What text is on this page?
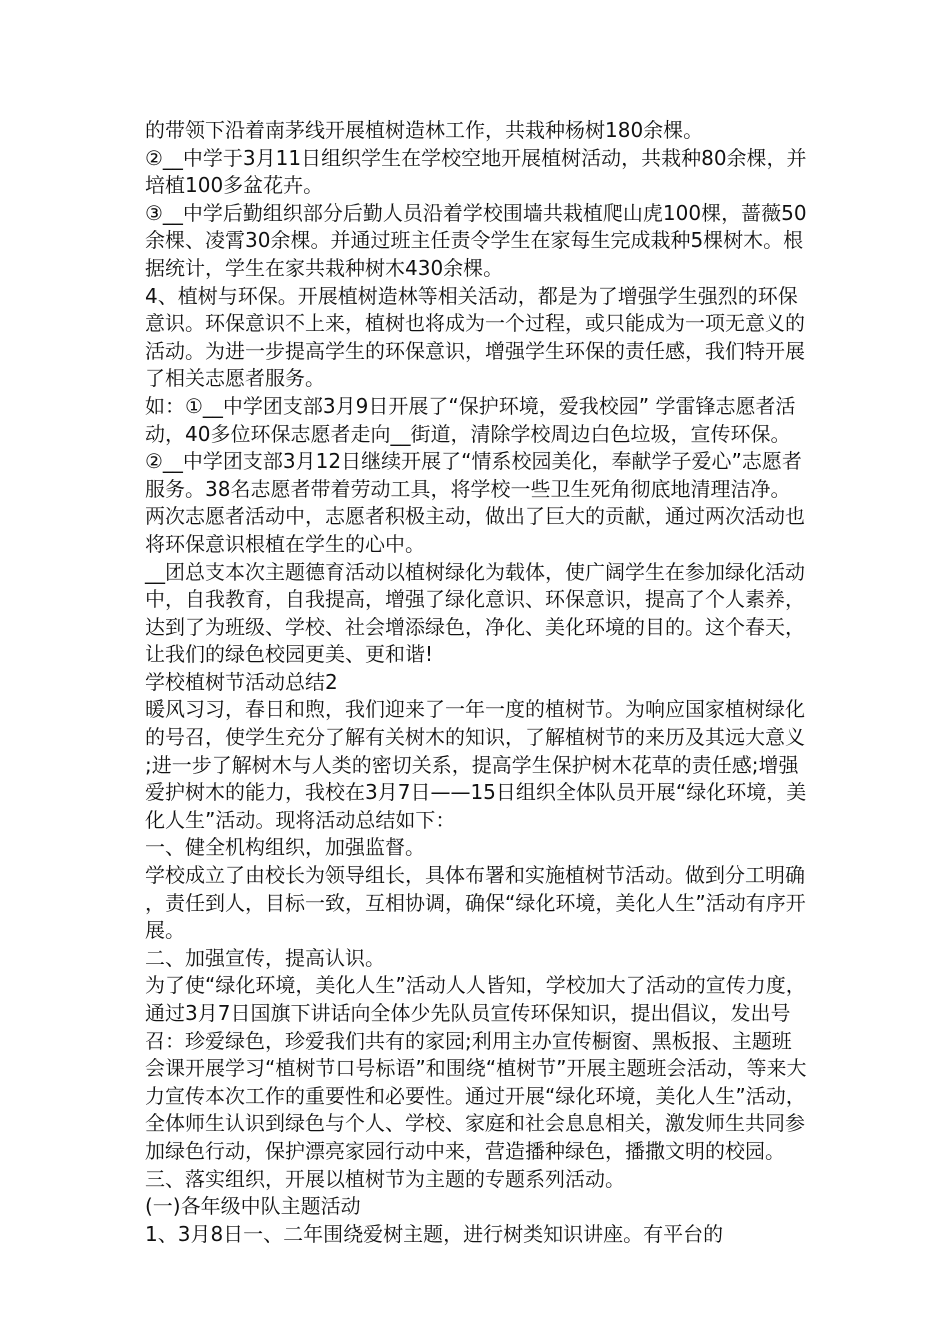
的带领下沿着南茅线开展植树造林工作，共栽种杨树180余棵。

②__中学于3月11日组织学生在学校空地开展植树活动，共栽种80余棵，并培植100多盆花卉。

③__中学后勤组织部分后勤人员沿着学校围墙共栽植爬山虎100棵，蔷薇50余棵、凌霄30余棵。并通过班主任责令学生在家每生完成栽种5棵树木。根据统计，学生在家共栽种树木430余棵。

4、植树与环保。开展植树造林等相关活动，都是为了增强学生强烈的环保意识。环保意识不上来，植树也将成为一个过程，或只能成为一项无意义的活动。为进一步提高学生的环保意识，增强学生环保的责任感，我们特开展了相关志愿者服务。

如：①__中学团支部3月9日开展了“保护环境，爱我校园” 学雷锋志愿者活动，40多位环保志愿者走向__街道，清除学校周边白色垃圾，宣传环保。

②__中学团支部3月12日继续开展了“情系校园美化，奉献学子爱心”志愿者服务。38名志愿者带着劳动工具，将学校一些卫生死角彻底地清理洁净。两次志愿者活动中，志愿者积极主动，做出了巨大的贡献，通过两次活动也将环保意识根植在学生的心中。

__团总支本次主题德育活动以植树绿化为载体，使广阔学生在参加绿化活动中，自我教育，自我提高，增强了绿化意识、环保意识，提高了个人素养，达到了为班级、学校、社会增添绿色，净化、美化环境的目的。这个春天，让我们的绿色校园更美、更和谐!

学校植树节活动总结2

暖风习习，春日和煦，我们迎来了一年一度的植树节。为响应国家植树绿化的号召，使学生充分了解有关树木的知识，了解植树节的来历及其远大意义;进一步了解树木与人类的密切关系，提高学生保护树木花草的责任感;增强爱护树木的能力，我校在3月7日——15日组织全体队员开展“绿化环境，美化人生”活动。现将活动总结如下：

一、健全机构组织，加强监督。

学校成立了由校长为领导组长，具体布署和实施植树节活动。做到分工明确，责任到人，目标一致，互相协调，确保“绿化环境，美化人生”活动有序开展。

二、加强宣传，提高认识。

为了使“绿化环境，美化人生”活动人人皆知，学校加大了活动的宣传力度，通过3月7日国旗下讲话向全体少先队员宣传环保知识，提出倡议，发出号召：珍爱绿色，珍爱我们共有的家园;利用主办宣传橱窗、黑板报、主题班会课开展学习“植树节口号标语”和围绕“植树节”开展主题班会活动，等来大力宣传本次工作的重要性和必要性。通过开展“绿化环境，美化人生”活动，全体师生认识到绿色与个人、学校、家庭和社会息息相关，激发师生共同参加绿色行动，保护漂亮家园行动中来，营造播种绿色，播撒文明的校园。

三、落实组织，开展以植树节为主题的专题系列活动。

(一)各年级中队主题活动

1、3月8日一、二年围绕爱树主题，进行树类知识讲座。有平台的
